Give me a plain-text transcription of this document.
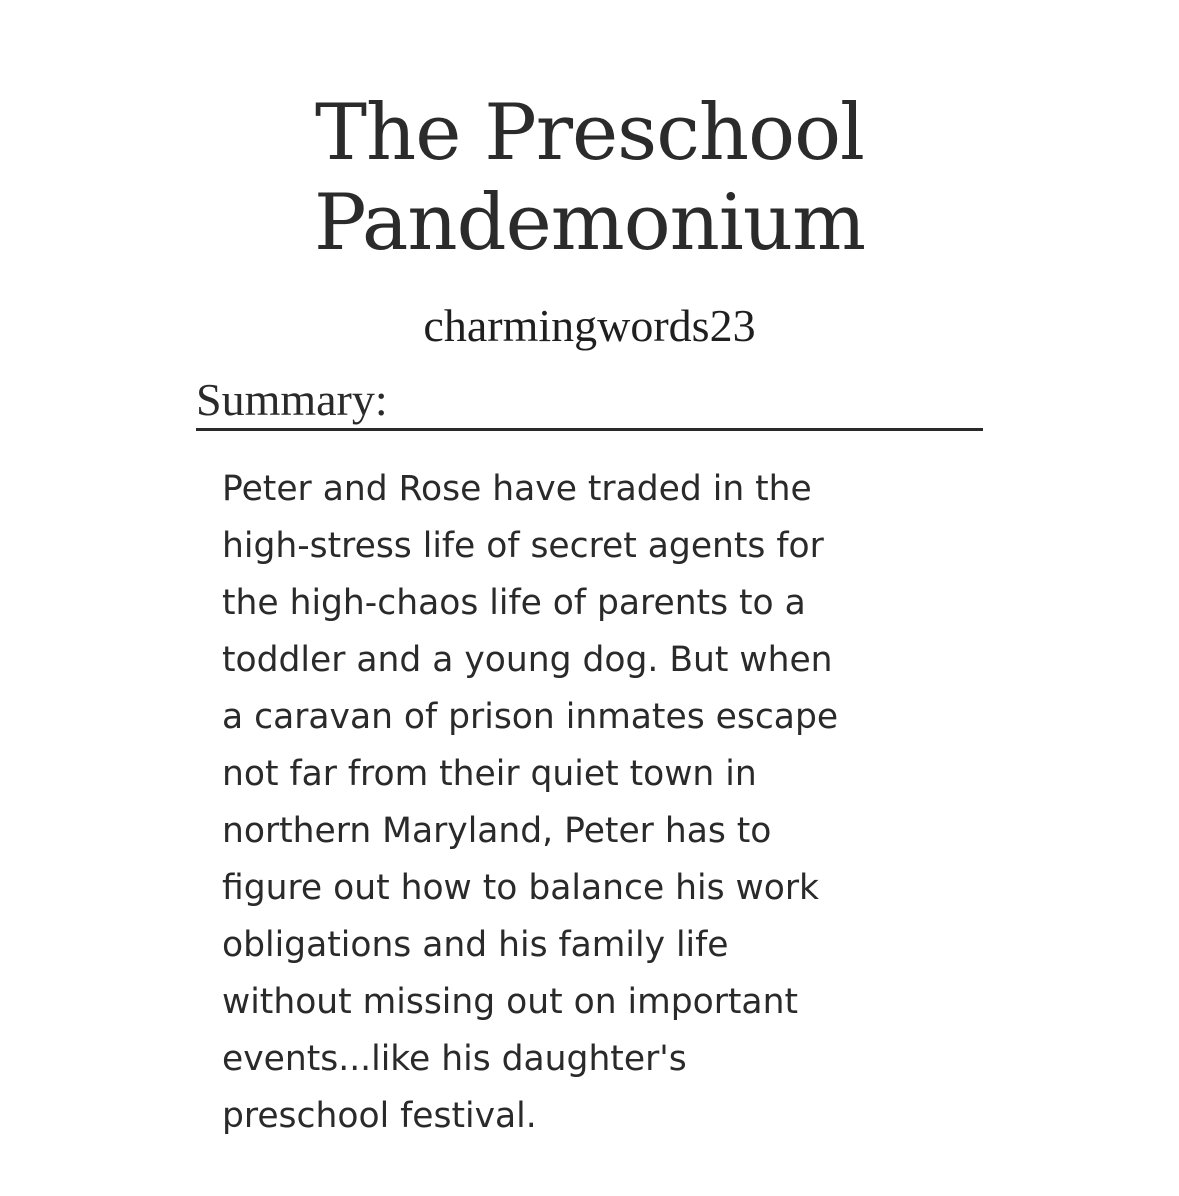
The Preschool
Pandemonium
charmingwords23
Summary:
Peter and Rose have traded in the
high-stress life of secret agents for
the high-chaos life of parents to a
toddler and a young dog. But when
a caravan of prison inmates escape
not far from their quiet town in
northern Maryland, Peter has to
figure out how to balance his work
obligations and his family life
without missing out on important
events...like his daughter's
preschool festival.
